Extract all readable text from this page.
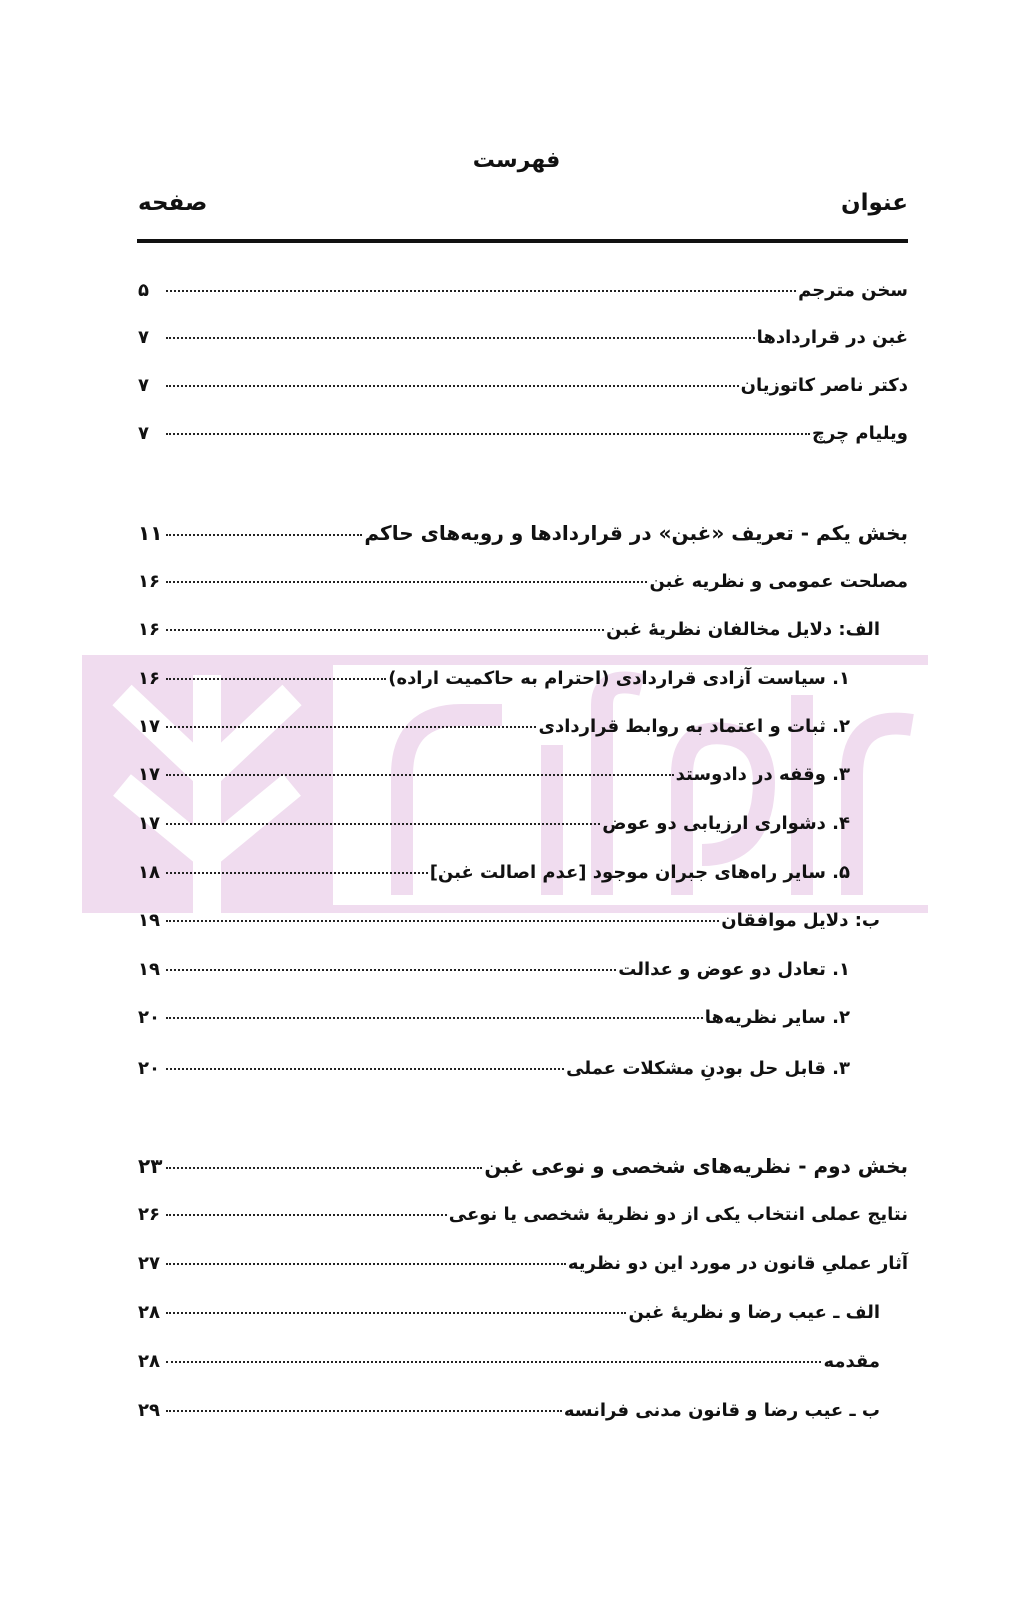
فهرست
عنوان
صفحه
سخن مترجم
۵
غبن در قراردادها
۷
دکتر ناصر کاتوزیان
۷
ویلیام چرچ
۷
بخش یکم - تعریف «غبن» در قراردادها و رویه‌های حاکم
۱۱
مصلحت عمومی و نظریه غبن
۱۶
الف: دلایل مخالفان نظریهٔ غبن
۱۶
۱. سیاست آزادی قراردادی (احترام به حاکمیت اراده)
۱۶
۲. ثبات و اعتماد به روابط قراردادی
۱۷
۳. وقفه در دادوستد
۱۷
۴. دشواری ارزیابی دو عوض
۱۷
۵. سایر راه‌های جبران موجود [عدم اصالت غبن]
۱۸
ب: دلایل موافقان
۱۹
۱. تعادل دو عوض و عدالت
۱۹
۲. سایر نظریه‌ها
۲۰
۳. قابل حل بودنِ مشکلات عملی
۲۰
بخش دوم - نظریه‌های شخصی و نوعی غبن
۲۳
نتایج عملی انتخاب یکی از دو نظریهٔ شخصی یا نوعی
۲۶
آثار عملیِ قانون در مورد این دو نظریه
۲۷
الف ـ عیب رضا و نظریهٔ غبن
۲۸
مقدمه
۲۸
ب ـ عیب رضا و قانون مدنی فرانسه
۲۹
